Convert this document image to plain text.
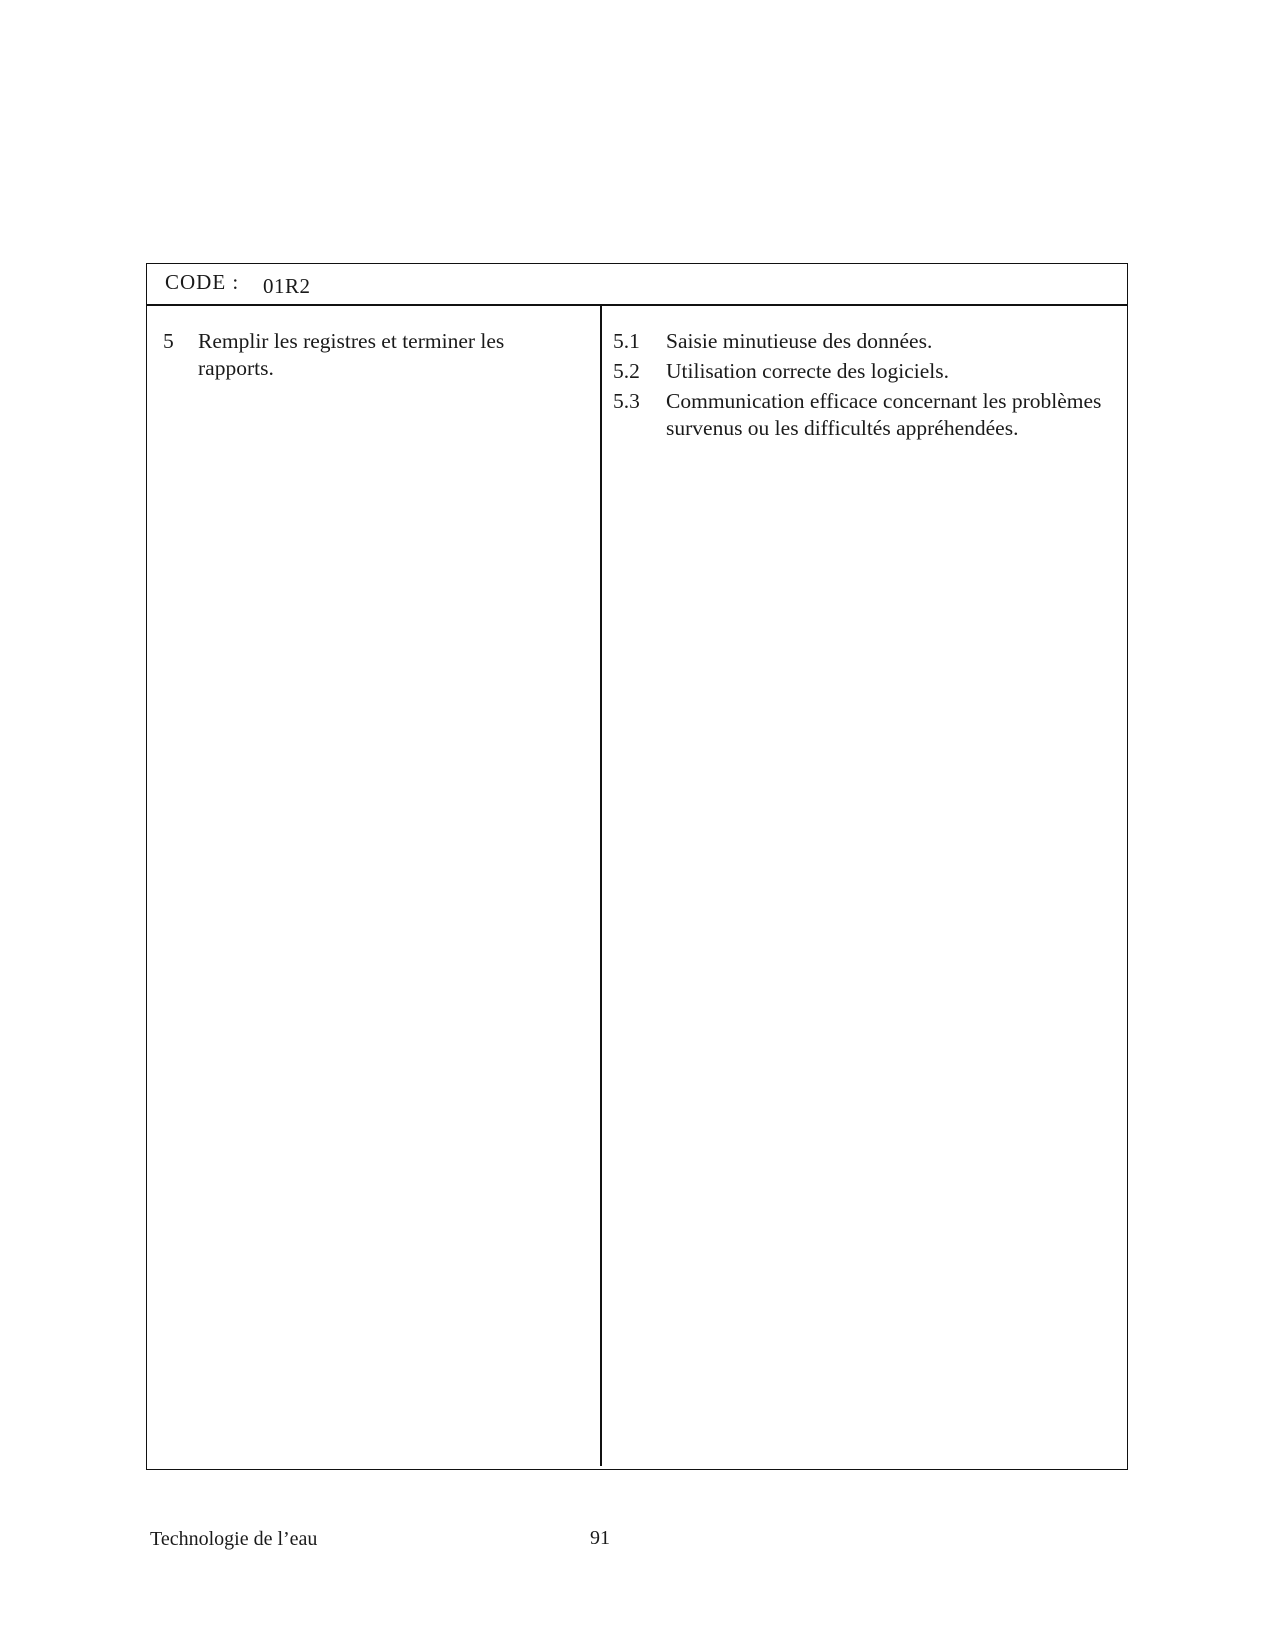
CODE : 01R2
5	Remplir les registres et terminer les rapports.
5.1	Saisie minutieuse des données.
5.2	Utilisation correcte des logiciels.
5.3	Communication efficace concernant les problèmes survenus ou les difficultés appréhendées.
Technologie de l’eau	91
